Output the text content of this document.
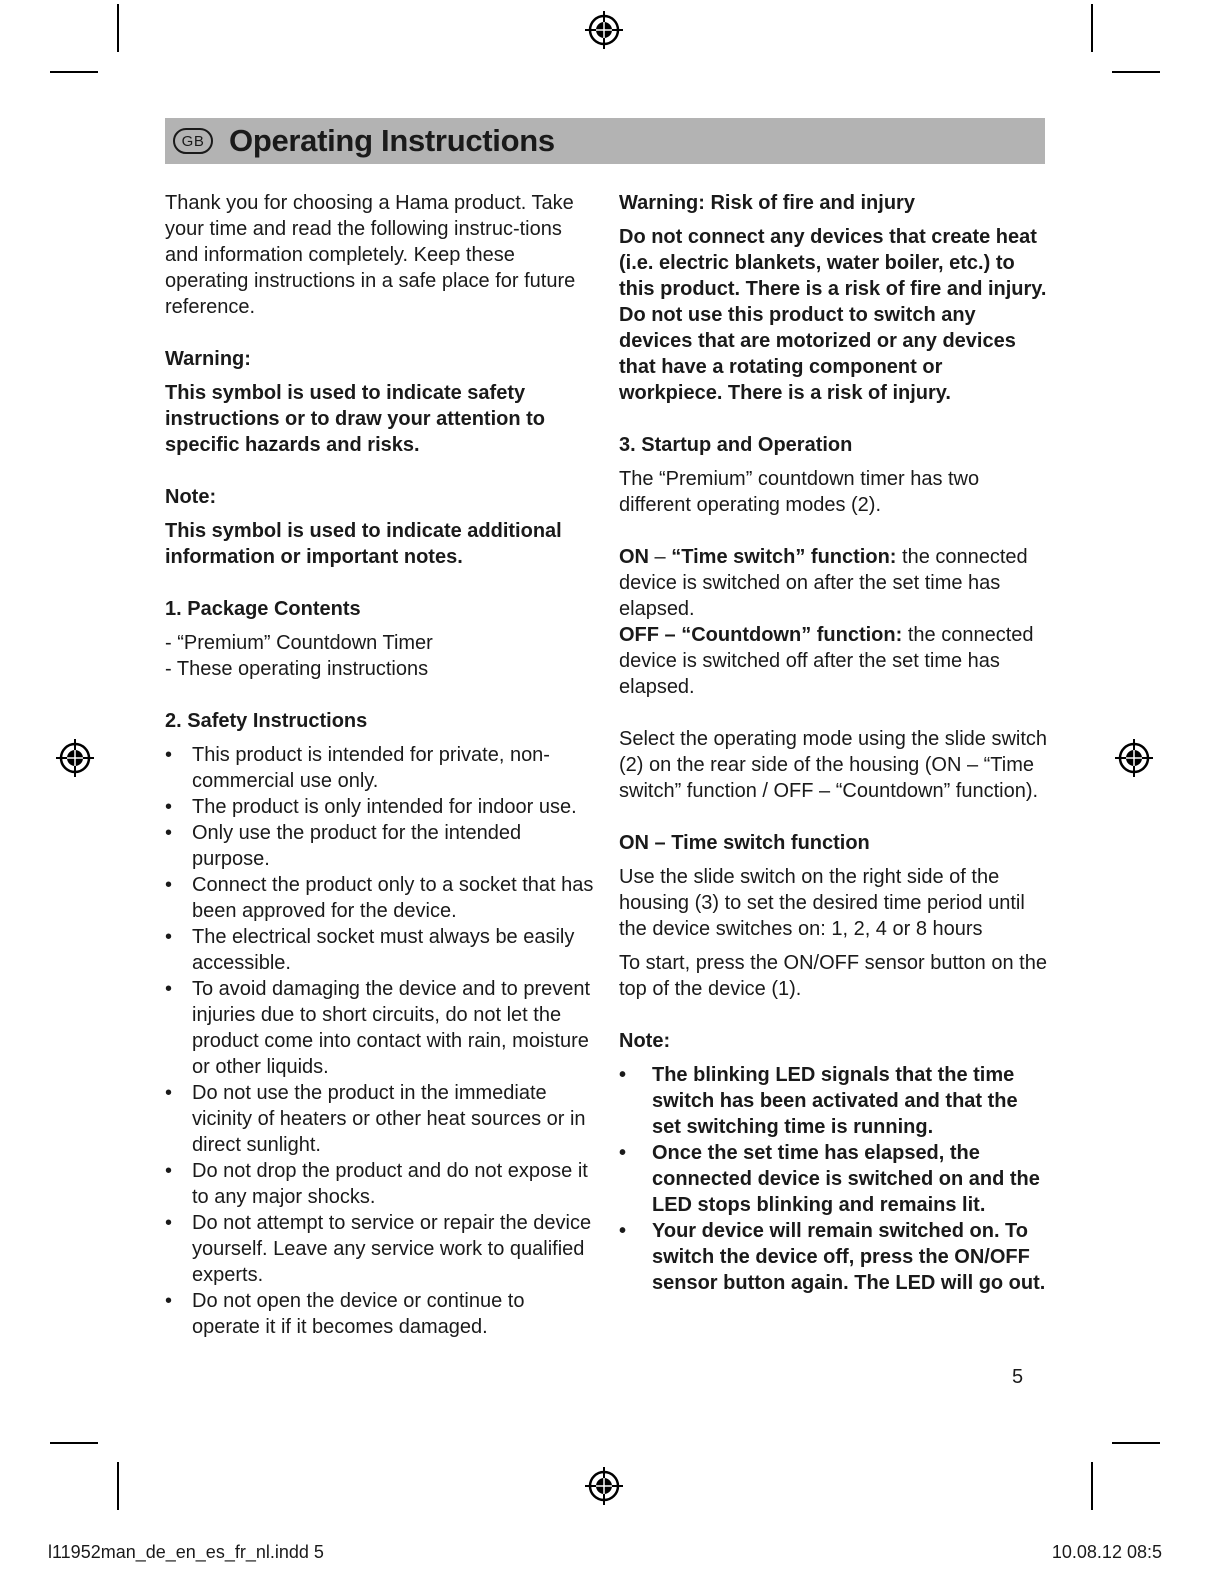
GB Operating Instructions

Thank you for choosing a Hama product. Take your time and read the following instruc-tions and information completely. Keep these operating instructions in a safe place for future reference.

Warning:

This symbol is used to indicate safety instructions or to draw your attention to specific hazards and risks.

Note:

This symbol is used to indicate additional information or important notes.

1. Package Contents

- “Premium” Countdown Timer
- These operating instructions

2. Safety Instructions

• This product is intended for private, non-commercial use only.
• The product is only intended for indoor use.
• Only use the product for the intended purpose.
• Connect the product only to a socket that has been approved for the device.
• The electrical socket must always be easily accessible.
• To avoid damaging the device and to prevent injuries due to short circuits, do not let the product come into contact with rain, moisture or other liquids.
• Do not use the product in the immediate vicinity of heaters or other heat sources or in direct sunlight.
• Do not drop the product and do not expose it to any major shocks.
• Do not attempt to service or repair the device yourself. Leave any service work to qualified experts.
• Do not open the device or continue to operate it if it becomes damaged.

Warning: Risk of fire and injury

Do not connect any devices that create heat (i.e. electric blankets, water boiler, etc.) to this product. There is a risk of fire and injury. Do not use this product to switch any devices that are motorized or any devices that have a rotating component or workpiece. There is a risk of injury.

3. Startup and Operation

The “Premium” countdown timer has two different operating modes (2).

ON – “Time switch” function: the connected device is switched on after the set time has elapsed.

OFF – “Countdown” function: the connected device is switched off after the set time has elapsed.

Select the operating mode using the slide switch (2) on the rear side of the housing (ON – “Time switch” function / OFF – “Countdown” function).

ON – Time switch function

Use the slide switch on the right side of the housing (3) to set the desired time period until the device switches on: 1, 2, 4 or 8 hours

To start, press the ON/OFF sensor button on the top of the device (1).

Note:

• The blinking LED signals that the time switch has been activated and that the set switching time is running.
• Once the set time has elapsed, the connected device is switched on and the LED stops blinking and remains lit.
• Your device will remain switched on. To switch the device off, press the ON/OFF sensor button again. The LED will go out.
5
l11952man_de_en_es_fr_nl.indd 5	10.08.12 08:5
